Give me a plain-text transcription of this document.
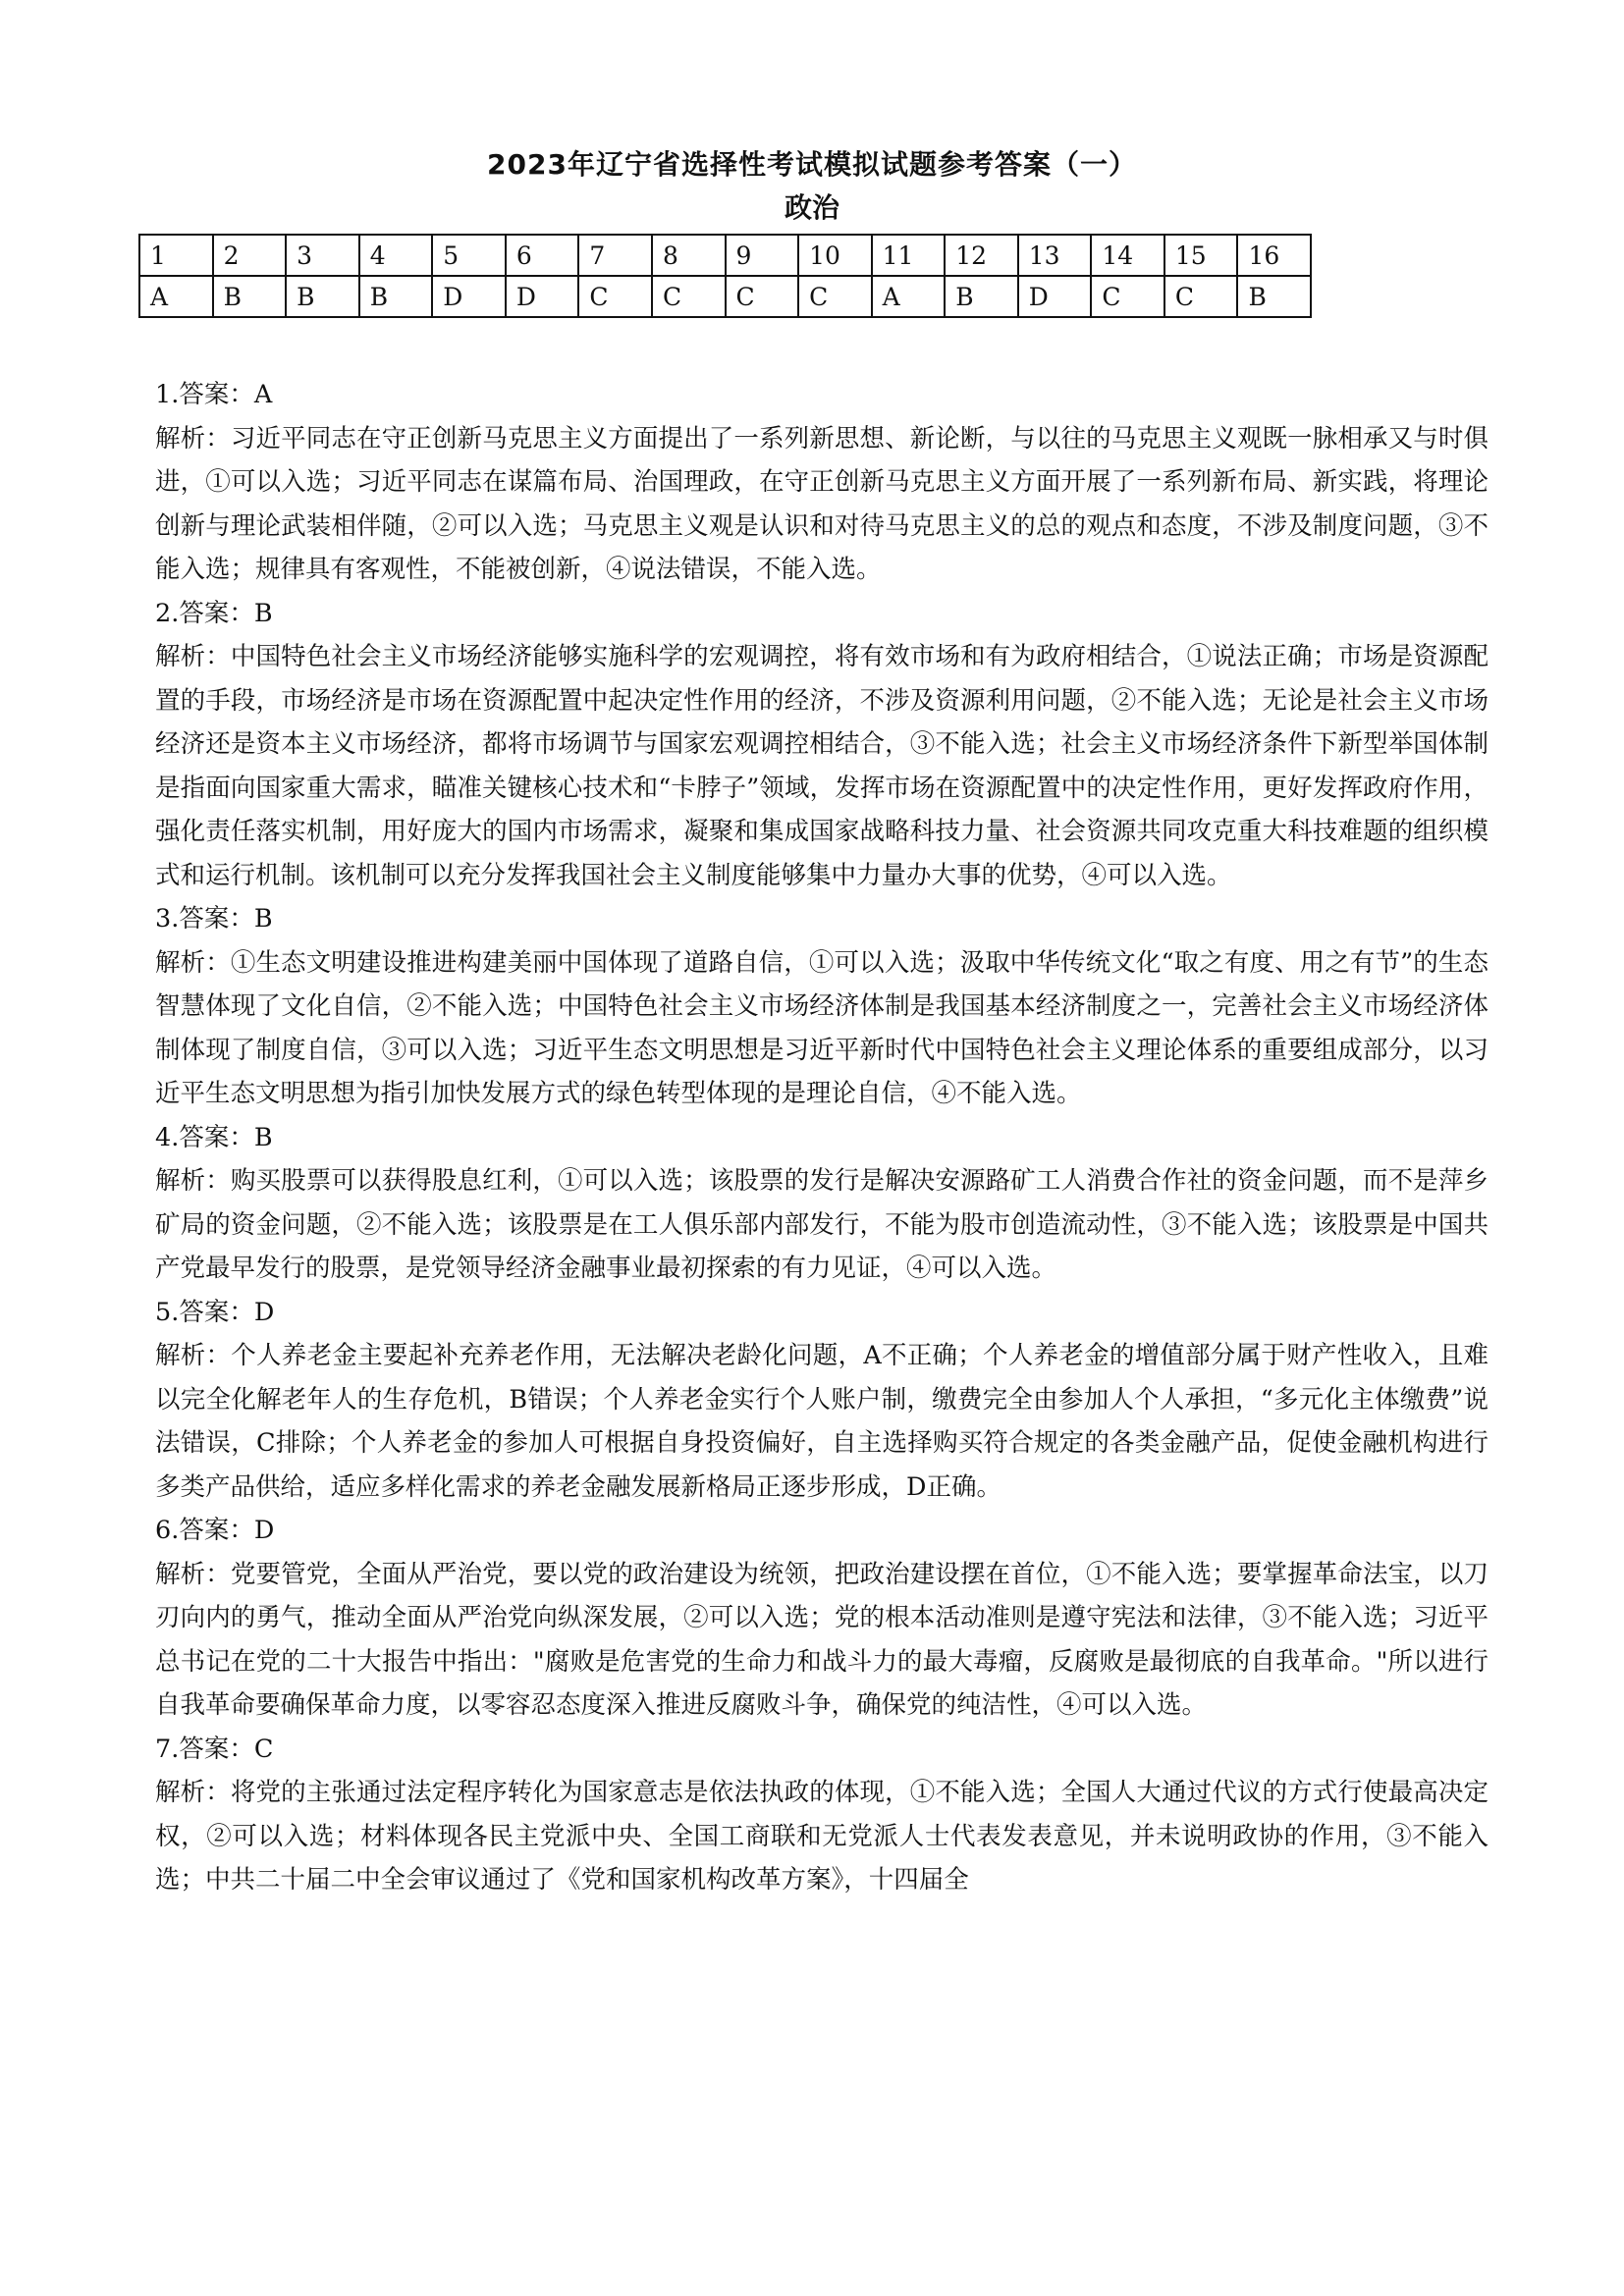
2023年辽宁省选择性考试模拟试题参考答案（一）
政治
1	2	3	4	5	6	7	8	9	10	11	12	13	14	15	16
A	B	B	B	D	D	C	C	C	C	A	B	D	C	C	B

1.答案：A

解析：习近平同志在守正创新马克思主义方面提出了一系列新思想、新论断，与以往的马克思主义观既一脉相承又与时俱进，①可以入选；习近平同志在谋篇布局、治国理政，在守正创新马克思主义方面开展了一系列新布局、新实践，将理论创新与理论武装相伴随，②可以入选；马克思主义观是认识和对待马克思主义的总的观点和态度，不涉及制度问题，③不能入选；规律具有客观性，不能被创新，④说法错误，不能入选。

2.答案：B

解析：中国特色社会主义市场经济能够实施科学的宏观调控，将有效市场和有为政府相结合，①说法正确；市场是资源配置的手段，市场经济是市场在资源配置中起决定性作用的经济，不涉及资源利用问题，②不能入选；无论是社会主义市场经济还是资本主义市场经济，都将市场调节与国家宏观调控相结合，③不能入选；社会主义市场经济条件下新型举国体制是指面向国家重大需求，瞄准关键核心技术和“卡脖子”领域，发挥市场在资源配置中的决定性作用，更好发挥政府作用，强化责任落实机制，用好庞大的国内市场需求，凝聚和集成国家战略科技力量、社会资源共同攻克重大科技难题的组织模式和运行机制。该机制可以充分发挥我国社会主义制度能够集中力量办大事的优势，④可以入选。

3.答案：B

解析：①生态文明建设推进构建美丽中国体现了道路自信，①可以入选；汲取中华传统文化“取之有度、用之有节”的生态智慧体现了文化自信，②不能入选；中国特色社会主义市场经济体制是我国基本经济制度之一，完善社会主义市场经济体制体现了制度自信，③可以入选；习近平生态文明思想是习近平新时代中国特色社会主义理论体系的重要组成部分，以习近平生态文明思想为指引加快发展方式的绿色转型体现的是理论自信，④不能入选。

4.答案：B

解析：购买股票可以获得股息红利，①可以入选；该股票的发行是解决安源路矿工人消费合作社的资金问题，而不是萍乡矿局的资金问题，②不能入选；该股票是在工人俱乐部内部发行，不能为股市创造流动性，③不能入选；该股票是中国共产党最早发行的股票，是党领导经济金融事业最初探索的有力见证，④可以入选。

5.答案：D

解析：个人养老金主要起补充养老作用，无法解决老龄化问题，A不正确；个人养老金的增值部分属于财产性收入，且难以完全化解老年人的生存危机，B错误；个人养老金实行个人账户制，缴费完全由参加人个人承担，“多元化主体缴费”说法错误，C排除；个人养老金的参加人可根据自身投资偏好，自主选择购买符合规定的各类金融产品，促使金融机构进行多类产品供给，适应多样化需求的养老金融发展新格局正逐步形成，D正确。

6.答案：D

解析：党要管党，全面从严治党，要以党的政治建设为统领，把政治建设摆在首位，①不能入选；要掌握革命法宝，以刀刃向内的勇气，推动全面从严治党向纵深发展，②可以入选；党的根本活动准则是遵守宪法和法律，③不能入选；习近平总书记在党的二十大报告中指出："腐败是危害党的生命力和战斗力的最大毒瘤，反腐败是最彻底的自我革命。"所以进行自我革命要确保革命力度，以零容忍态度深入推进反腐败斗争，确保党的纯洁性，④可以入选。

7.答案：C

解析：将党的主张通过法定程序转化为国家意志是依法执政的体现，①不能入选；全国人大通过代议的方式行使最高决定权，②可以入选；材料体现各民主党派中央、全国工商联和无党派人士代表发表意见，并未说明政协的作用，③不能入选；中共二十届二中全会审议通过了《党和国家机构改革方案》，十四届全
